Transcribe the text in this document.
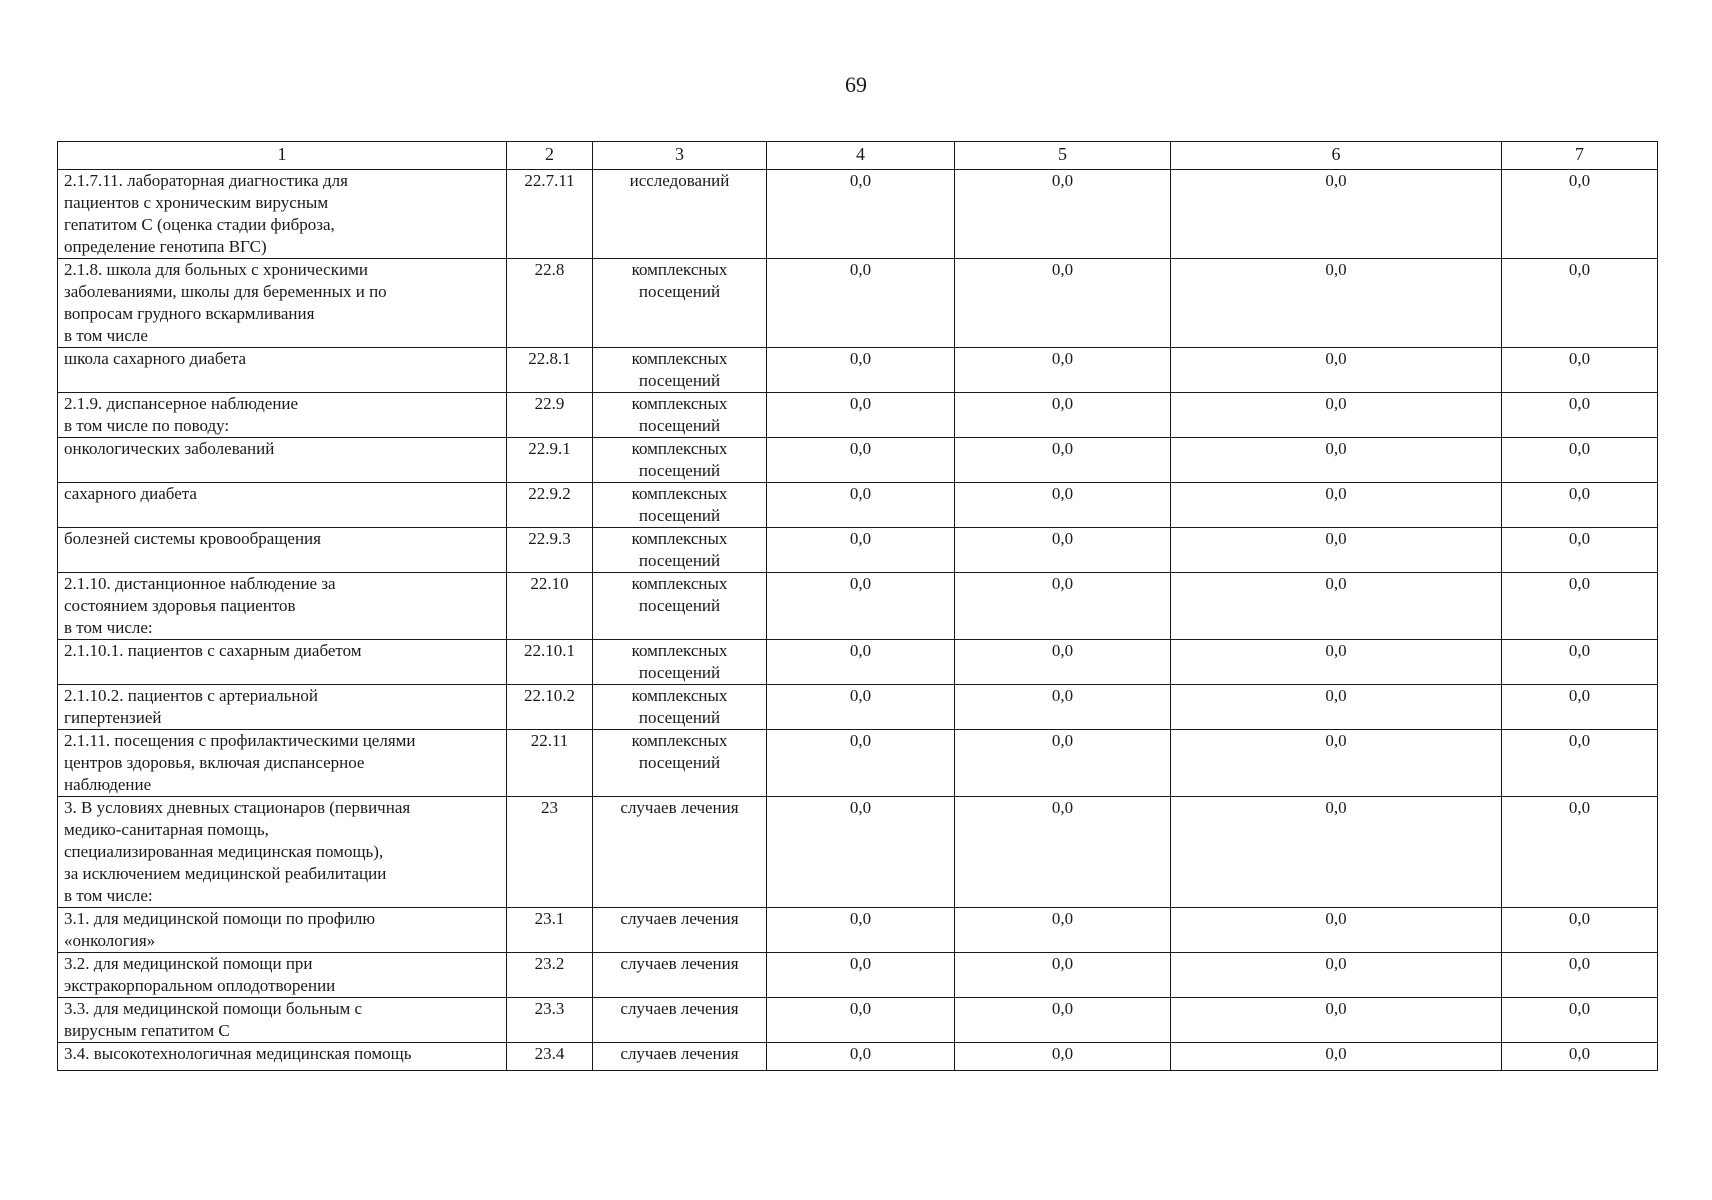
69
1	2	3	4	5	6	7
2.1.7.11. лабораторная диагностика для
пациентов с хроническим вирусным
гепатитом С (оценка стадии фиброза,
определение генотипа ВГС)	22.7.11	исследований	0,0	0,0	0,0	0,0
2.1.8. школа для больных с хроническими
заболеваниями, школы для беременных и по
вопросам грудного вскармливания
в том числе	22.8	комплексных
посещений	0,0	0,0	0,0	0,0
школа сахарного диабета	22.8.1	комплексных
посещений	0,0	0,0	0,0	0,0
2.1.9. диспансерное наблюдение
в том числе по поводу:	22.9	комплексных
посещений	0,0	0,0	0,0	0,0
онкологических заболеваний	22.9.1	комплексных
посещений	0,0	0,0	0,0	0,0
сахарного диабета	22.9.2	комплексных
посещений	0,0	0,0	0,0	0,0
болезней системы кровообращения	22.9.3	комплексных
посещений	0,0	0,0	0,0	0,0
2.1.10. дистанционное наблюдение за
состоянием здоровья пациентов
в том числе:	22.10	комплексных
посещений	0,0	0,0	0,0	0,0
2.1.10.1. пациентов с сахарным диабетом	22.10.1	комплексных
посещений	0,0	0,0	0,0	0,0
2.1.10.2. пациентов с артериальной
гипертензией	22.10.2	комплексных
посещений	0,0	0,0	0,0	0,0
2.1.11. посещения с профилактическими целями
центров здоровья, включая диспансерное
наблюдение	22.11	комплексных
посещений	0,0	0,0	0,0	0,0
3. В условиях дневных стационаров (первичная
медико-санитарная помощь,
специализированная медицинская помощь),
за исключением медицинской реабилитации
в том числе:	23	случаев лечения	0,0	0,0	0,0	0,0
3.1. для медицинской помощи по профилю
«онкология»	23.1	случаев лечения	0,0	0,0	0,0	0,0
3.2. для медицинской помощи при
экстракорпоральном оплодотворении	23.2	случаев лечения	0,0	0,0	0,0	0,0
3.3. для медицинской помощи больным с
вирусным гепатитом С	23.3	случаев лечения	0,0	0,0	0,0	0,0
3.4. высокотехнологичная медицинская помощь	23.4	случаев лечения	0,0	0,0	0,0	0,0
